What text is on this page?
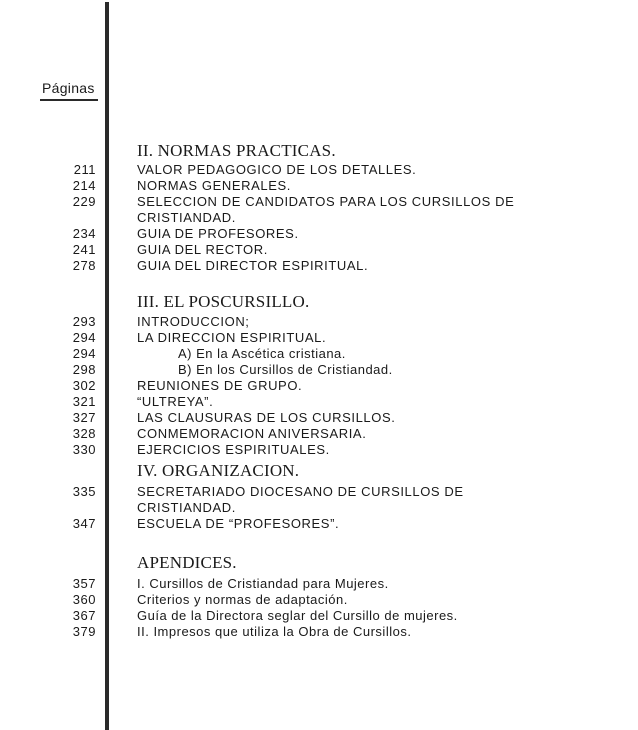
Páginas
II. NORMAS PRACTICAS.
211	VALOR PEDAGOGICO DE LOS DETALLES.
214	NORMAS GENERALES.
229	SELECCION DE CANDIDATOS PARA LOS CURSILLOS DE
CRISTIANDAD.
234	GUIA DE PROFESORES.
241	GUIA DEL RECTOR.
278	GUIA DEL DIRECTOR ESPIRITUAL.
III. EL POSCURSILLO.
293	INTRODUCCION;
294	LA DIRECCION ESPIRITUAL.
294	A) En la Ascética cristiana.
298	B) En los Cursillos de Cristiandad.
302	REUNIONES DE GRUPO.
321	“ULTREYA”.
327	LAS CLAUSURAS DE LOS CURSILLOS.
328	CONMEMORACION ANIVERSARIA.
330	EJERCICIOS ESPIRITUALES.
IV. ORGANIZACION.
335	SECRETARIADO DIOCESANO DE CURSILLOS DE
CRISTIANDAD.
347	ESCUELA DE “PROFESORES”.
APENDICES.
357	I. Cursillos de Cristiandad para Mujeres.
360	Criterios y normas de adaptación.
367	Guía de la Directora seglar del Cursillo de mujeres.
379	II. Impresos que utiliza la Obra de Cursillos.
